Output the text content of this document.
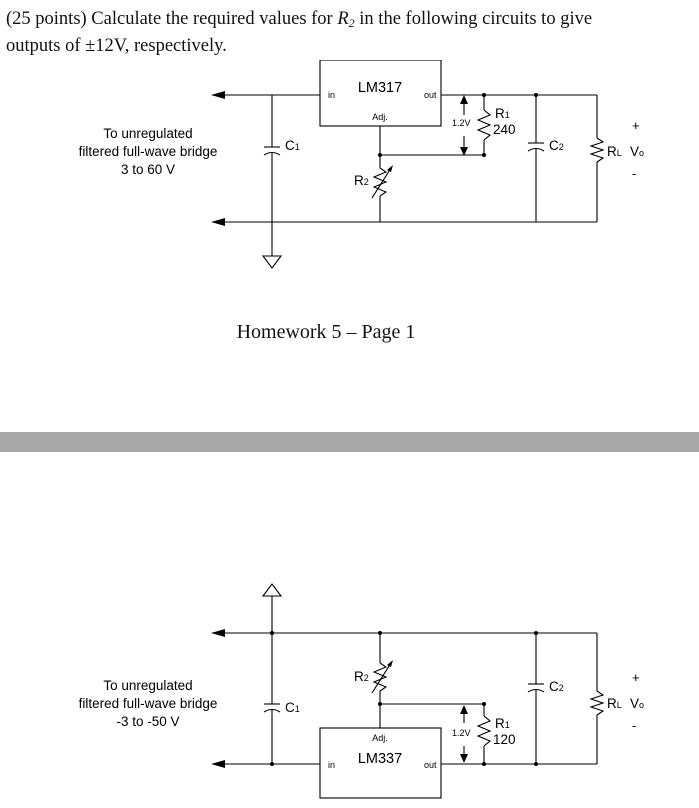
(25 points) Calculate the required values for $R_2$ in the following circuits to give
outputs of ±12V, respectively.
To unregulated
filtered full-wave bridge
3 to 60 V
C1
LM317
in	out
Adj.
1.2V
R1
240
R2
C2	RL Vo
+
-
Homework 5 – Page 1
To unregulated
filtered full-wave bridge
-3 to -50 V
C1
R2
LM337
Adj.
in	out
1.2V
R1
120
C2
RL Vo
+
-
